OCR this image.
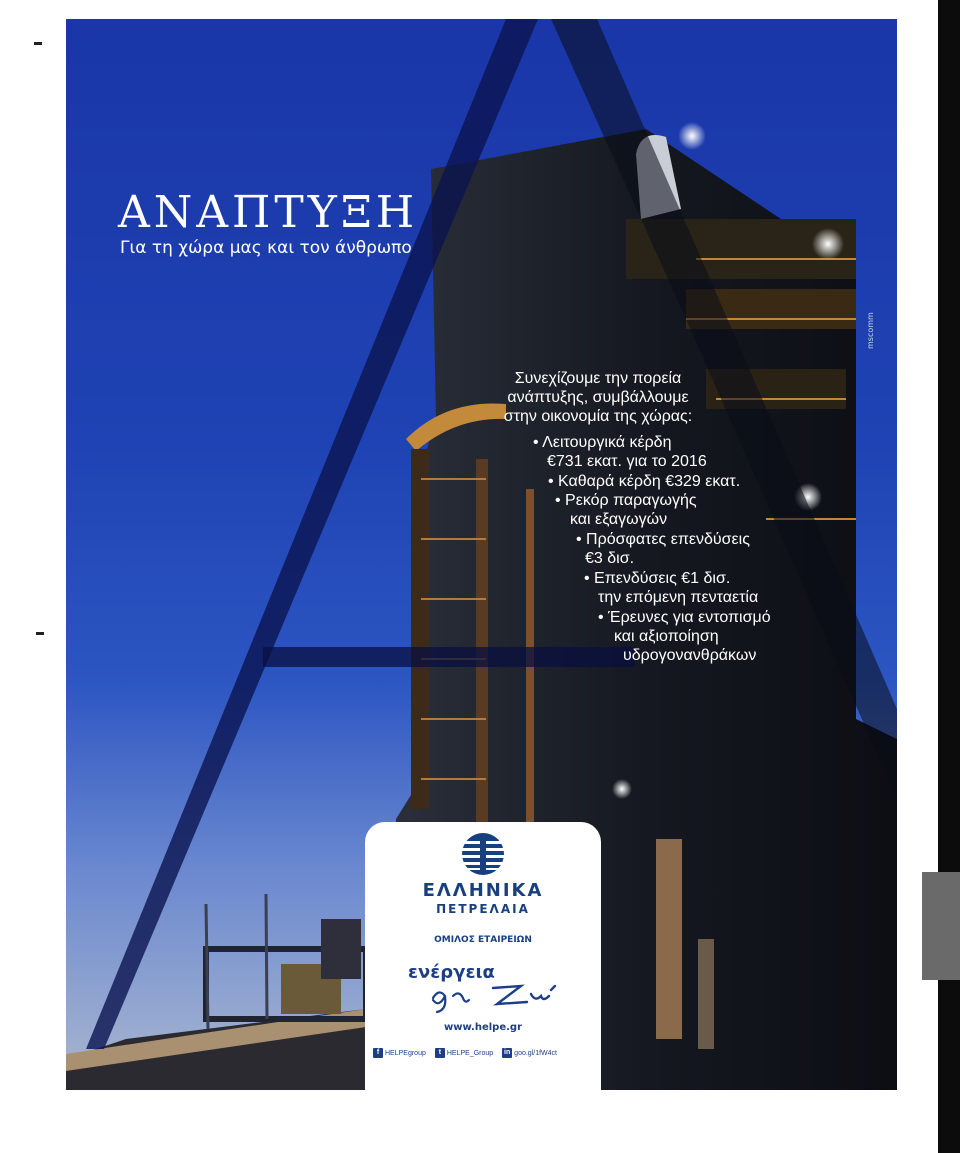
ΑΝΑΠΤΥΞΗ

Για τη χώρα μας και τον άνθρωπο

mscomm

Συνεχίζουμε την πορεία
ανάπτυξης, συμβάλλουμε
στην οικονομία της χώρας:
• Λειτουργικά κέρδη
€731 εκατ. για το 2016
• Καθαρά κέρδη €329 εκατ.
• Ρεκόρ παραγωγής
και εξαγωγών
• Πρόσφατες επενδύσεις
€3 δισ.
• Επενδύσεις €1 δισ.
την επόμενη πενταετία
• Έρευνες για εντοπισμό
και αξιοποίηση
υδρογονανθράκων

ΕΛΛΗΝΙΚΑ

ΠΕΤΡΕΛΑΙΑ

ΟΜΙΛΟΣ ΕΤΑΙΡΕΙΩΝ

ενέργεια

www.helpe.gr

f HELPEgroup	t HELPE_Group in goo.gl/1fW4ct
